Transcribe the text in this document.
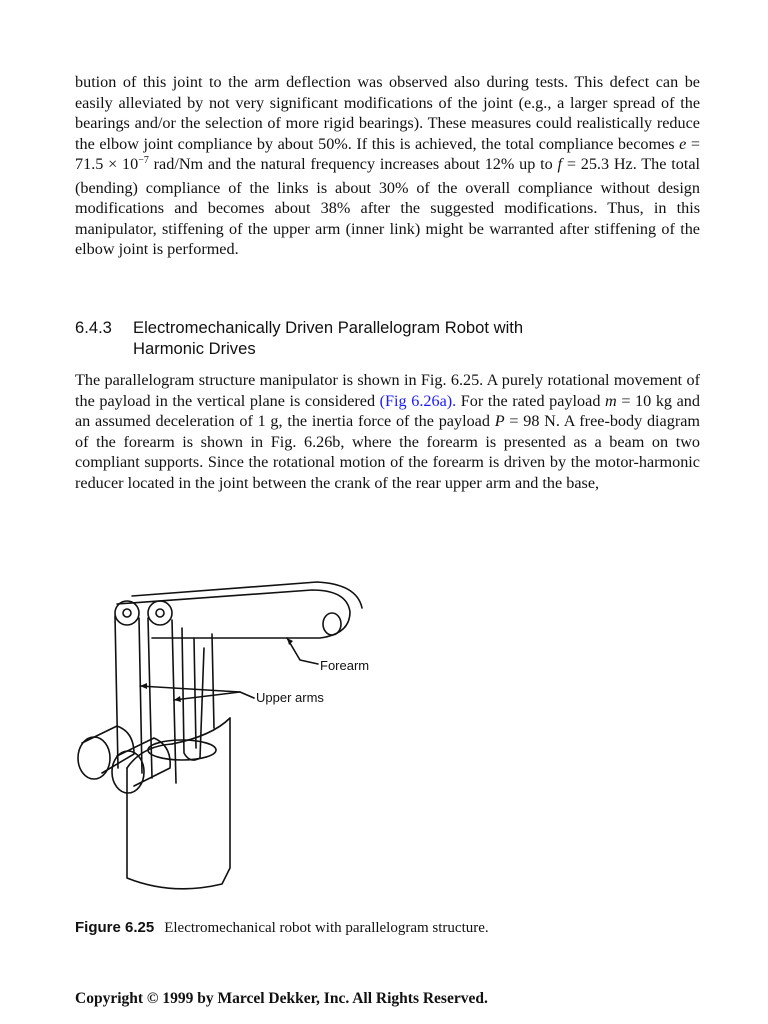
bution of this joint to the arm deflection was observed also during tests. This defect can be easily alleviated by not very significant modifications of the joint (e.g., a larger spread of the bearings and/or the selection of more rigid bearings). These measures could realistically reduce the elbow joint compliance by about 50%. If this is achieved, the total compliance becomes $e = 71.5 \times 10^{-7}$ rad/Nm and the natural frequency increases about 12% up to f = 25.3 Hz. The total (bending) compliance of the links is about 30% of the overall compliance without design modifications and becomes about 38% after the suggested modifications. Thus, in this manipulator, stiffening of the upper arm (inner link) might be warranted after stiffening of the elbow joint is performed.

6.4.3 Electromechanically Driven Parallelogram Robot with
Harmonic Drives

The parallelogram structure manipulator is shown in Fig. 6.25. A purely rotational movement of the payload in the vertical plane is considered (Fig 6.26a). For the rated payload m = 10 kg and an assumed deceleration of 1 g, the inertia force of the payload P = 98 N. A free-body diagram of the forearm is shown in Fig. 6.26b, where the forearm is presented as a beam on two compliant supports. Since the rotational motion of the forearm is driven by the motor-harmonic reducer located in the joint between the crank of the rear upper arm and the base,

Forearm
Upper arms

Figure 6.25 Electromechanical robot with parallelogram structure.

Copyright © 1999 by Marcel Dekker, Inc. All Rights Reserved.
